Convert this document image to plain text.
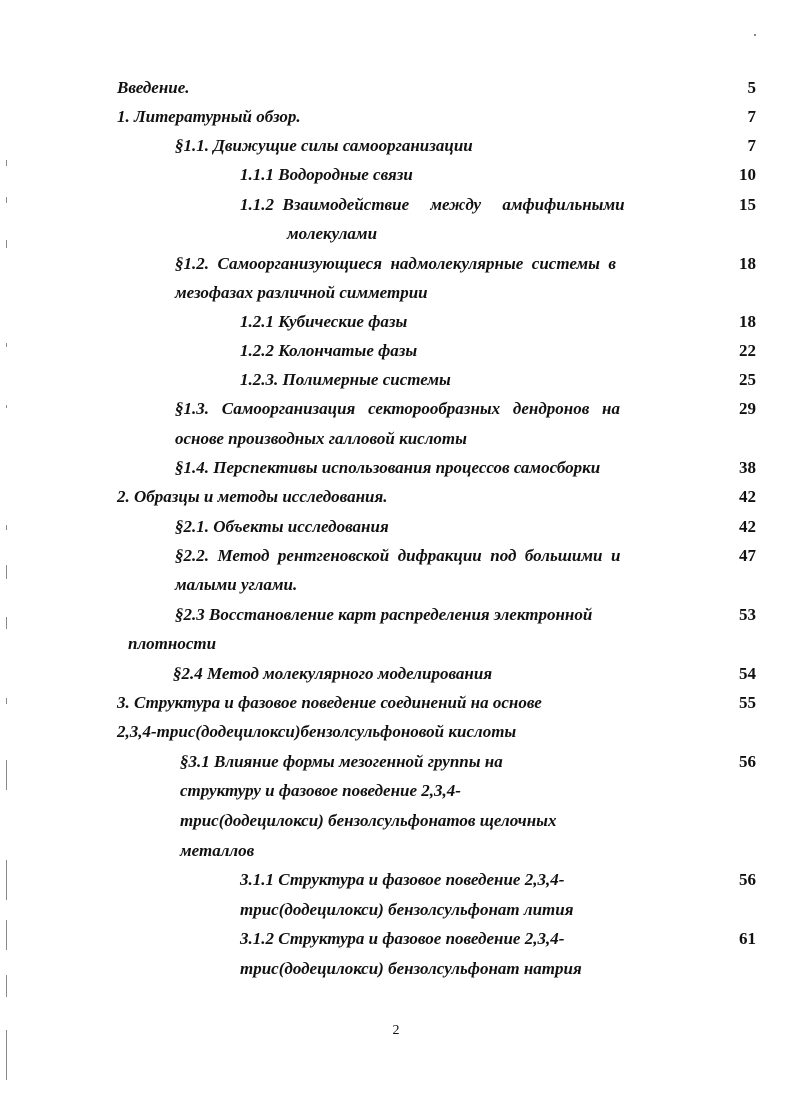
Введение.	5
1. Литературный обзор.	7
§1.1. Движущие силы самоорганизации	7
1.1.1 Водородные связи	10
1.1.2  Взаимодействие     между     амфифильными	15
молекулами
§1.2.  Самоорганизующиеся  надмолекулярные  системы  в	18
мезофазах различной симметрии
1.2.1 Кубические фазы	18
1.2.2 Колончатые фазы	22
1.2.3. Полимерные системы	25
§1.3.   Самоорганизация   секторообразных   дендронов   на	29
основе производных галловой кислоты
§1.4. Перспективы использования процессов самосборки	38
2. Образцы и методы исследования.	42
§2.1. Объекты исследования	42
§2.2.  Метод  рентгеновской  дифракции  под  большими  и	47
малыми углами.
§2.3 Восстановление карт распределения электронной	53
плотности
§2.4 Метод молекулярного моделирования	54
3. Структура и фазовое поведение соединений на основе	55
2,3,4-трис(додецилокси)бензолсульфоновой кислоты
§3.1 Влияние формы мезогенной группы на	56
структуру и фазовое поведение 2,3,4-
трис(додецилокси) бензолсульфонатов щелочных
металлов
3.1.1 Структура и фазовое поведение 2,3,4-	56
трис(додецилокси) бензолсульфонат лития
3.1.2 Структура и фазовое поведение 2,3,4-	61
трис(додецилокси) бензолсульфонат натрия
2
